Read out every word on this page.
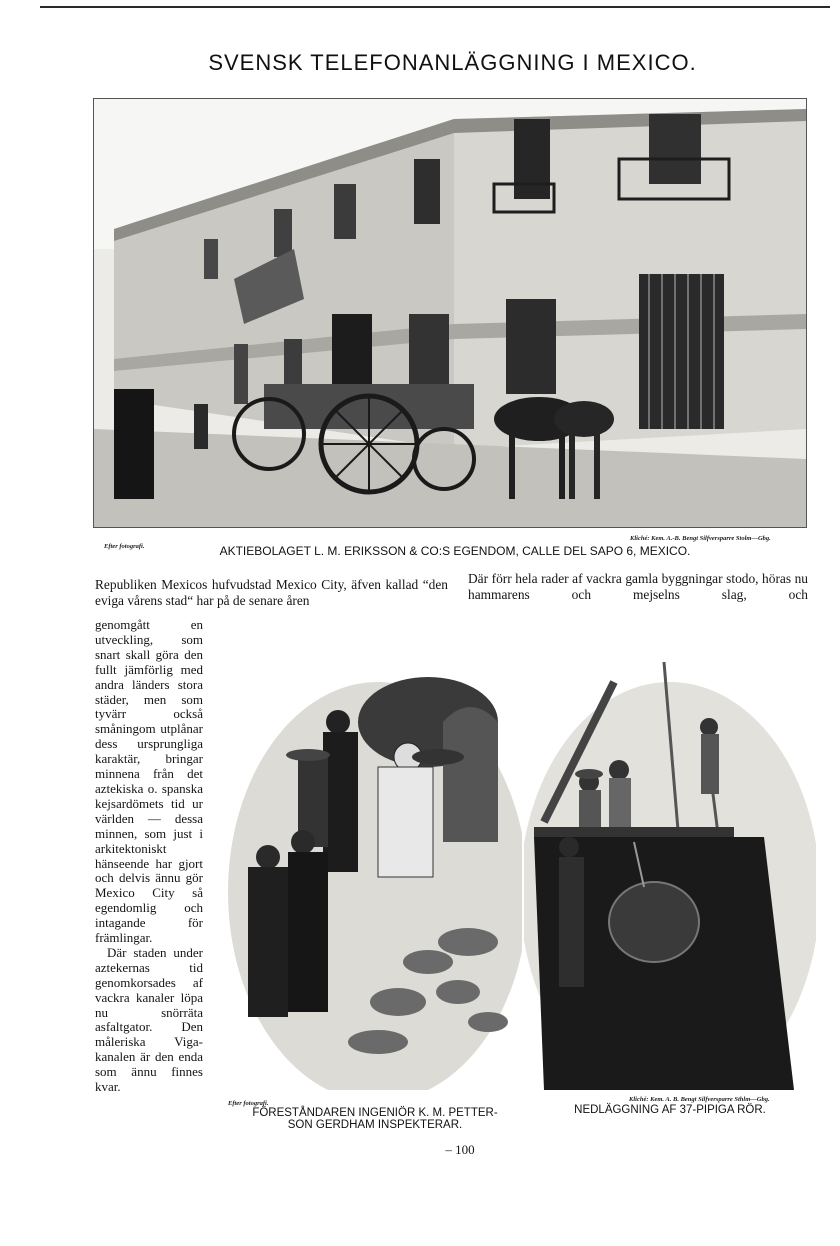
SVENSK TELEFONANLÄGGNING I MEXICO.
Efter fotografi.
Kliché: Kem. A.-B. Bengt Silfversparre Stolm—Gbg.
AKTIEBOLAGET L. M. ERIKSSON & CO:S EGENDOM, CALLE DEL SAPO 6, MEXICO.
Republiken Mexicos hufvudstad Mexico City, äfven kallad “den eviga vårens stad“ har på de senare åren
Där förr hela rader af vackra gamla byggningar stodo, höras nu hammarens och mejselns slag, och
genomgått en utveckling, som snart skall göra den fullt jämförlig med andra länders stora städer, men som tyvärr också småningom utplånar dess ursprungliga karaktär, bringar minnena från det aztekiska o. spanska kejsardömets tid ur världen — dessa minnen, som just i arkitektoniskt hänseende har gjort och delvis ännu gör Mexico City så egendomlig och intagande för främlingar.
Där staden under aztekernas tid genomkorsades af vackra kanaler löpa nu snörräta asfaltgator. Den måleriska Viga-kanalen är den enda som ännu finnes kvar.
Efter fotografi.
FÖRESTÅNDAREN INGENIÖR K. M. PETTER-
SON GERDHAM INSPEKTERAR.
Kliché: Kem. A. B. Bengt Silfversparre Sthlm—Gbg.
NEDLÄGGNING AF 37-PIPIGA RÖR.
– 100
